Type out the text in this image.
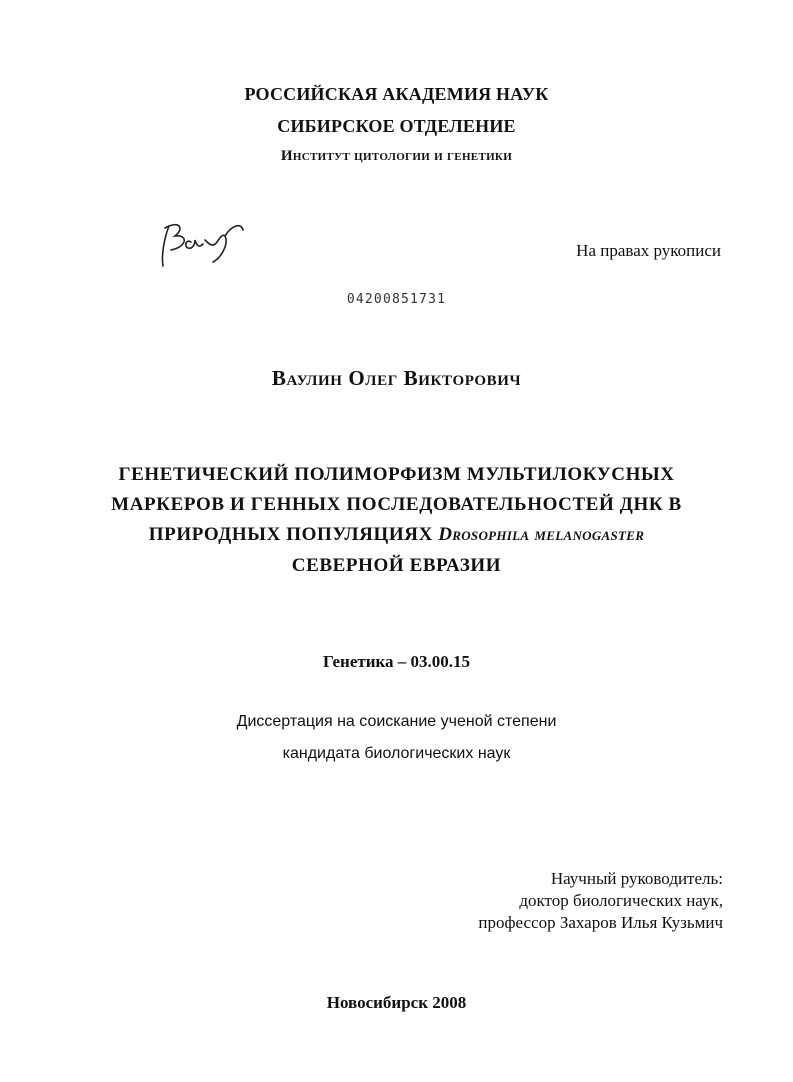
РОССИЙСКАЯ АКАДЕМИЯ НАУК
СИБИРСКОЕ ОТДЕЛЕНИЕ
Институт цитологии и генетики
На правах рукописи
04200851731
Ваулин Олег Викторович
ГЕНЕТИЧЕСКИЙ ПОЛИМОРФИЗМ МУЛЬТИЛОКУСНЫХ
МАРКЕРОВ И ГЕННЫХ ПОСЛЕДОВАТЕЛЬНОСТЕЙ ДНК В
ПРИРОДНЫХ ПОПУЛЯЦИЯХ Drosophila melanogaster
СЕВЕРНОЙ ЕВРАЗИИ
Генетика – 03.00.15
Диссертация на соискание ученой степени
кандидата биологических наук
Научный руководитель:
доктор биологических наук,
профессор Захаров Илья Кузьмич
Новосибирск 2008
